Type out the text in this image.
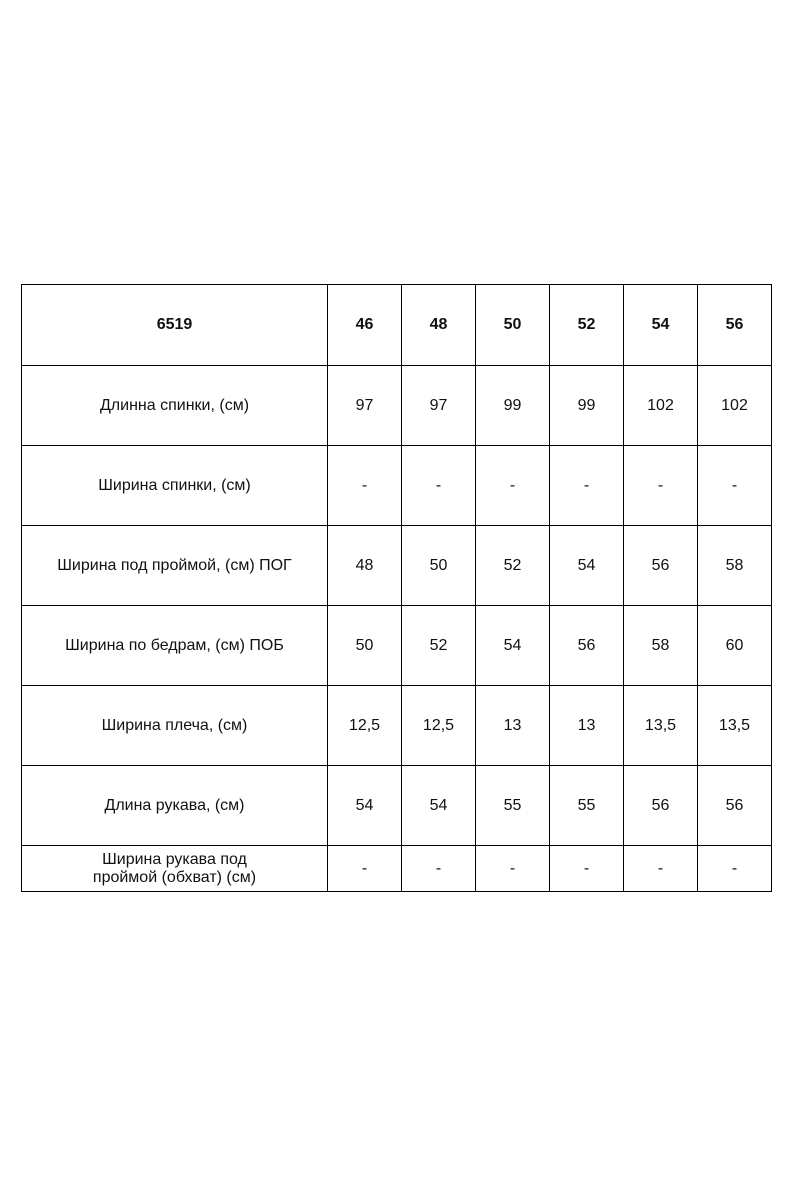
6519	46	48	50	52	54	56
Длинна спинки, (см)	97	97	99	99	102	102
Ширина спинки, (см)	-	-	-	-	-	-
Ширина под проймой, (см) ПОГ	48	50	52	54	56	58
Ширина по бедрам, (см) ПОБ	50	52	54	56	58	60
Ширина плеча, (см)	12,5	12,5	13	13	13,5	13,5
Длина рукава, (см)	54	54	55	55	56	56

Ширина рукава под
проймой (обхват) (см)	-	-	-	-	-	-
